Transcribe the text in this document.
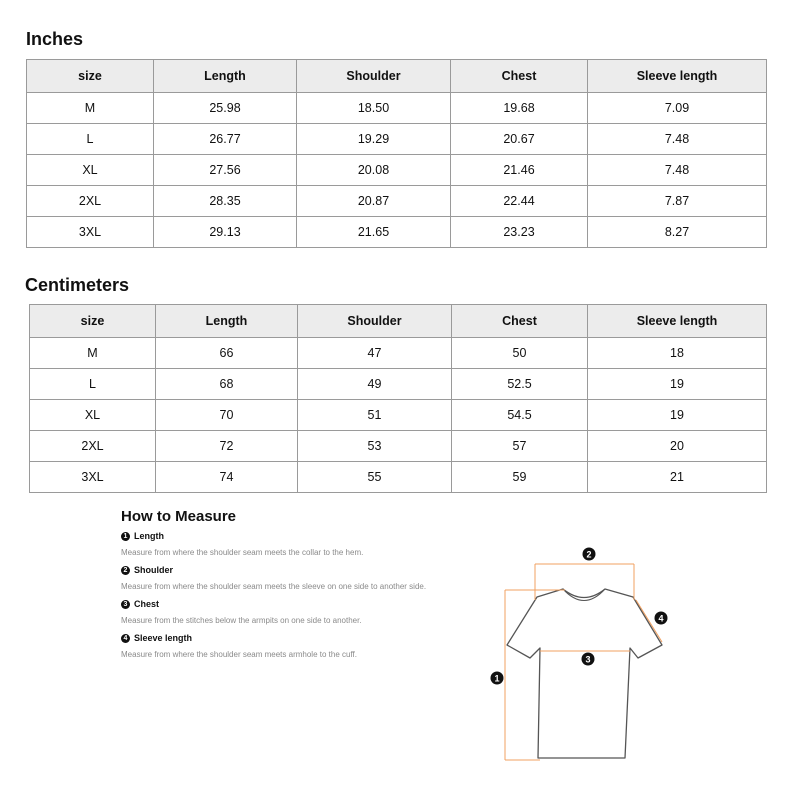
Inches
size	Length	Shoulder	Chest	Sleeve length
M	25.98	18.50	19.68	7.09
L	26.77	19.29	20.67	7.48
XL	27.56	20.08	21.46	7.48
2XL	28.35	20.87	22.44	7.87
3XL	29.13	21.65	23.23	8.27
Centimeters
size	Length	Shoulder	Chest	Sleeve length
M	66	47	50	18
L	68	49	52.5	19
XL	70	51	54.5	19
2XL	72	53	57	20
3XL	74	55	59	21
How to Measure
1 Length
Measure from where the shoulder seam meets the collar to the hem.
2 Shoulder
Measure from where the shoulder seam meets the sleeve on one side to another side.
3 Chest
Measure from the stitches below the armpits on one side to another.
4 Sleeve length
Measure from where the shoulder seam meets armhole to the cuff.
2
3
4
1
